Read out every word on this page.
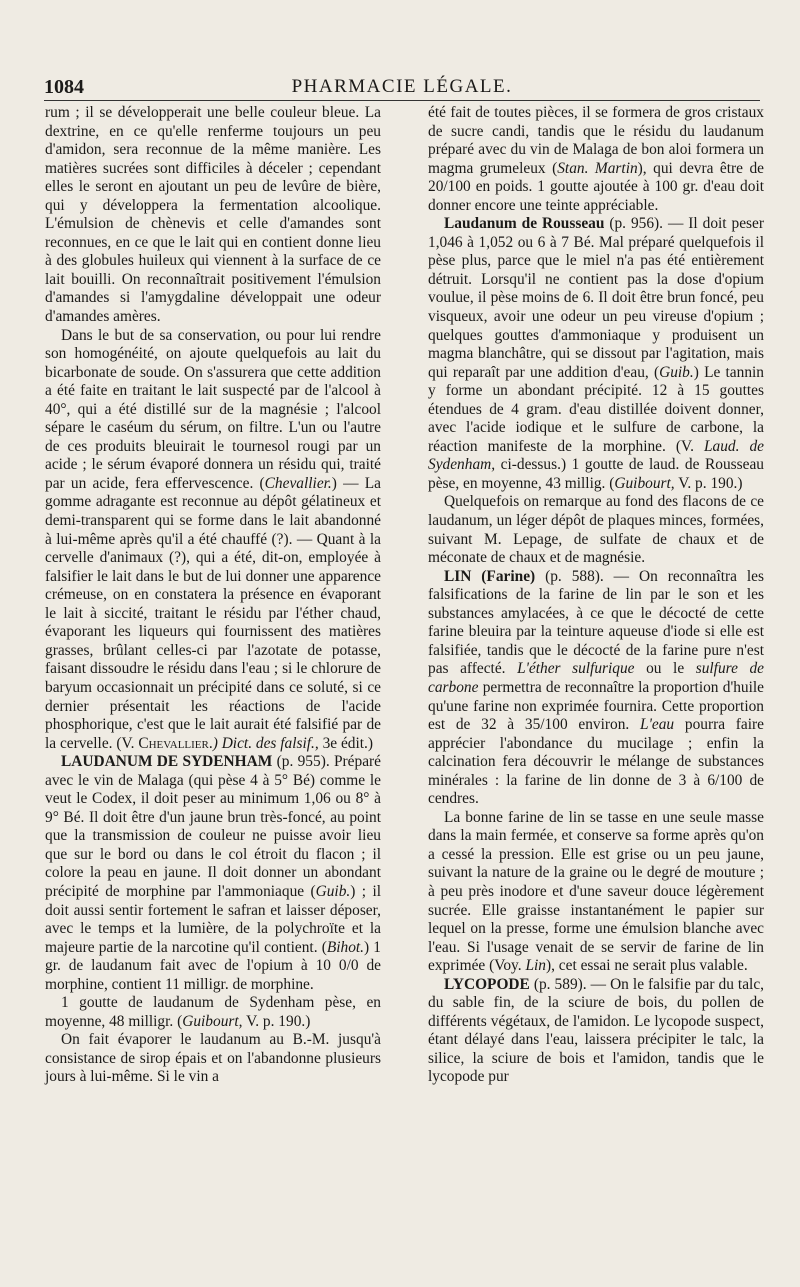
1084	PHARMACIE LÉGALE.

rum ; il se développerait une belle couleur bleue. La dextrine, en ce qu'elle renferme toujours un peu d'amidon, sera reconnue de la même manière. Les matières sucrées sont difficiles à déceler ; cependant elles le seront en ajoutant un peu de levûre de bière, qui y développera la fermentation alcoolique. L'émulsion de chènevis et celle d'amandes sont reconnues, en ce que le lait qui en contient donne lieu à des globules huileux qui viennent à la surface de ce lait bouilli. On reconnaîtrait positivement l'émulsion d'amandes si l'amygdaline développait une odeur d'amandes amères.

Dans le but de sa conservation, ou pour lui rendre son homogénéité, on ajoute quelquefois au lait du bicarbonate de soude. On s'assurera que cette addition a été faite en traitant le lait suspecté par de l'alcool à 40°, qui a été distillé sur de la magnésie ; l'alcool sépare le caséum du sérum, on filtre. L'un ou l'autre de ces produits bleuirait le tournesol rougi par un acide ; le sérum évaporé donnera un résidu qui, traité par un acide, fera effervescence. (Chevallier.) — La gomme adragante est reconnue au dépôt gélatineux et demi-transparent qui se forme dans le lait abandonné à lui-même après qu'il a été chauffé (?). — Quant à la cervelle d'animaux (?), qui a été, dit-on, employée à falsifier le lait dans le but de lui donner une apparence crémeuse, on en constatera la présence en évaporant le lait à siccité, traitant le résidu par l'éther chaud, évaporant les liqueurs qui fournissent des matières grasses, brûlant celles-ci par l'azotate de potasse, faisant dissoudre le résidu dans l'eau ; si le chlorure de baryum occasionnait un précipité dans ce soluté, si ce dernier présentait les réactions de l'acide phosphorique, c'est que le lait aurait été falsifié par de la cervelle. (V. Chevallier.) Dict. des falsif., 3e édit.)

LAUDANUM DE SYDENHAM (p. 955). Préparé avec le vin de Malaga (qui pèse 4 à 5° Bé) comme le veut le Codex, il doit peser au minimum 1,06 ou 8° à 9° Bé. Il doit être d'un jaune brun très-foncé, au point que la transmission de couleur ne puisse avoir lieu que sur le bord ou dans le col étroit du flacon ; il colore la peau en jaune. Il doit donner un abondant précipité de morphine par l'ammoniaque (Guib.) ; il doit aussi sentir fortement le safran et laisser déposer, avec le temps et la lumière, de la polychroïte et la majeure partie de la narcotine qu'il contient. (Bihot.) 1 gr. de laudanum fait avec de l'opium à 10 0/0 de morphine, contient 11 milligr. de morphine.

1 goutte de laudanum de Sydenham pèse, en moyenne, 48 milligr. (Guibourt, V. p. 190.)

On fait évaporer le laudanum au B.-M. jusqu'à consistance de sirop épais et on l'abandonne plusieurs jours à lui-même. Si le vin a

été fait de toutes pièces, il se formera de gros cristaux de sucre candi, tandis que le résidu du laudanum préparé avec du vin de Malaga de bon aloi formera un magma grumeleux (Stan. Martin), qui devra être de 20/100 en poids. 1 goutte ajoutée à 100 gr. d'eau doit donner encore une teinte appréciable.

Laudanum de Rousseau (p. 956). — Il doit peser 1,046 à 1,052 ou 6 à 7 Bé. Mal préparé quelquefois il pèse plus, parce que le miel n'a pas été entièrement détruit. Lorsqu'il ne contient pas la dose d'opium voulue, il pèse moins de 6. Il doit être brun foncé, peu visqueux, avoir une odeur un peu vireuse d'opium ; quelques gouttes d'ammoniaque y produisent un magma blanchâtre, qui se dissout par l'agitation, mais qui reparaît par une addition d'eau, (Guib.) Le tannin y forme un abondant précipité. 12 à 15 gouttes étendues de 4 gram. d'eau distillée doivent donner, avec l'acide iodique et le sulfure de carbone, la réaction manifeste de la morphine. (V. Laud. de Sydenham, ci-dessus.) 1 goutte de laud. de Rousseau pèse, en moyenne, 43 millig. (Guibourt, V. p. 190.)

Quelquefois on remarque au fond des flacons de ce laudanum, un léger dépôt de plaques minces, formées, suivant M. Lepage, de sulfate de chaux et de méconate de chaux et de magnésie.

LIN (Farine) (p. 588). — On reconnaîtra les falsifications de la farine de lin par le son et les substances amylacées, à ce que le décocté de cette farine bleuira par la teinture aqueuse d'iode si elle est falsifiée, tandis que le décocté de la farine pure n'est pas affecté. L'éther sulfurique ou le sulfure de carbone permettra de reconnaître la proportion d'huile qu'une farine non exprimée fournira. Cette proportion est de 32 à 35/100 environ. L'eau pourra faire apprécier l'abondance du mucilage ; enfin la calcination fera découvrir le mélange de substances minérales : la farine de lin donne de 3 à 6/100 de cendres.

La bonne farine de lin se tasse en une seule masse dans la main fermée, et conserve sa forme après qu'on a cessé la pression. Elle est grise ou un peu jaune, suivant la nature de la graine ou le degré de mouture ; à peu près inodore et d'une saveur douce légèrement sucrée. Elle graisse instantanément le papier sur lequel on la presse, forme une émulsion blanche avec l'eau. Si l'usage venait de se servir de farine de lin exprimée (Voy. Lin), cet essai ne serait plus valable.

LYCOPODE (p. 589). — On le falsifie par du talc, du sable fin, de la sciure de bois, du pollen de différents végétaux, de l'amidon. Le lycopode suspect, étant délayé dans l'eau, laissera précipiter le talc, la silice, la sciure de bois et l'amidon, tandis que le lycopode pur
